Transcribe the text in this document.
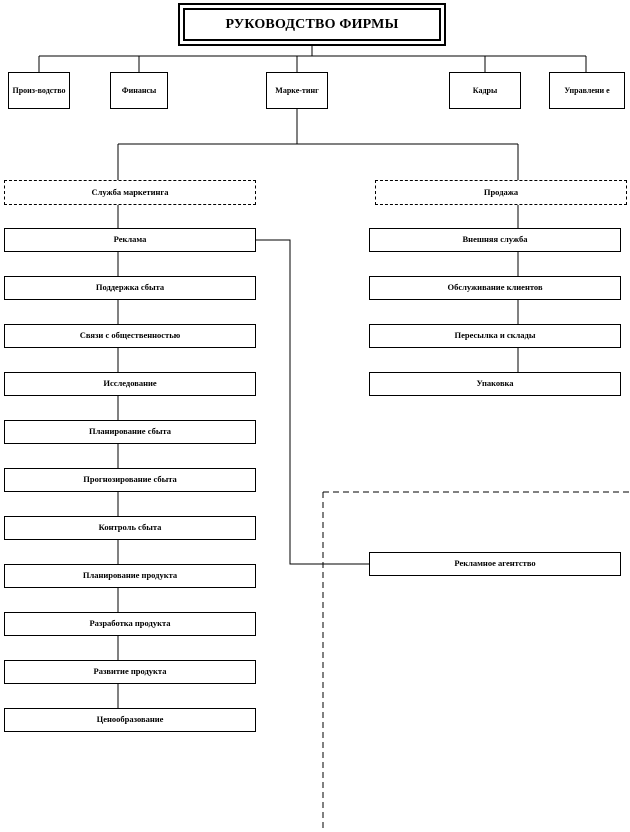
РУКОВОДСТВО ФИРМЫ
Произ-водство	Финансы	Марке-тинг	Кадры	Управлени е
Служба маркетинга	Продажа
Реклама
Поддержка сбыта
Связи с общественностью
Исследование
Планирование сбыта
Прогнозирование сбыта
Контроль сбыта
Планирование продукта
Разработка продукта
Развитие продукта
Ценообразование
Внешняя служба
Обслуживание клиентов
Пересылка и склады
Упаковка
Рекламное агентство
